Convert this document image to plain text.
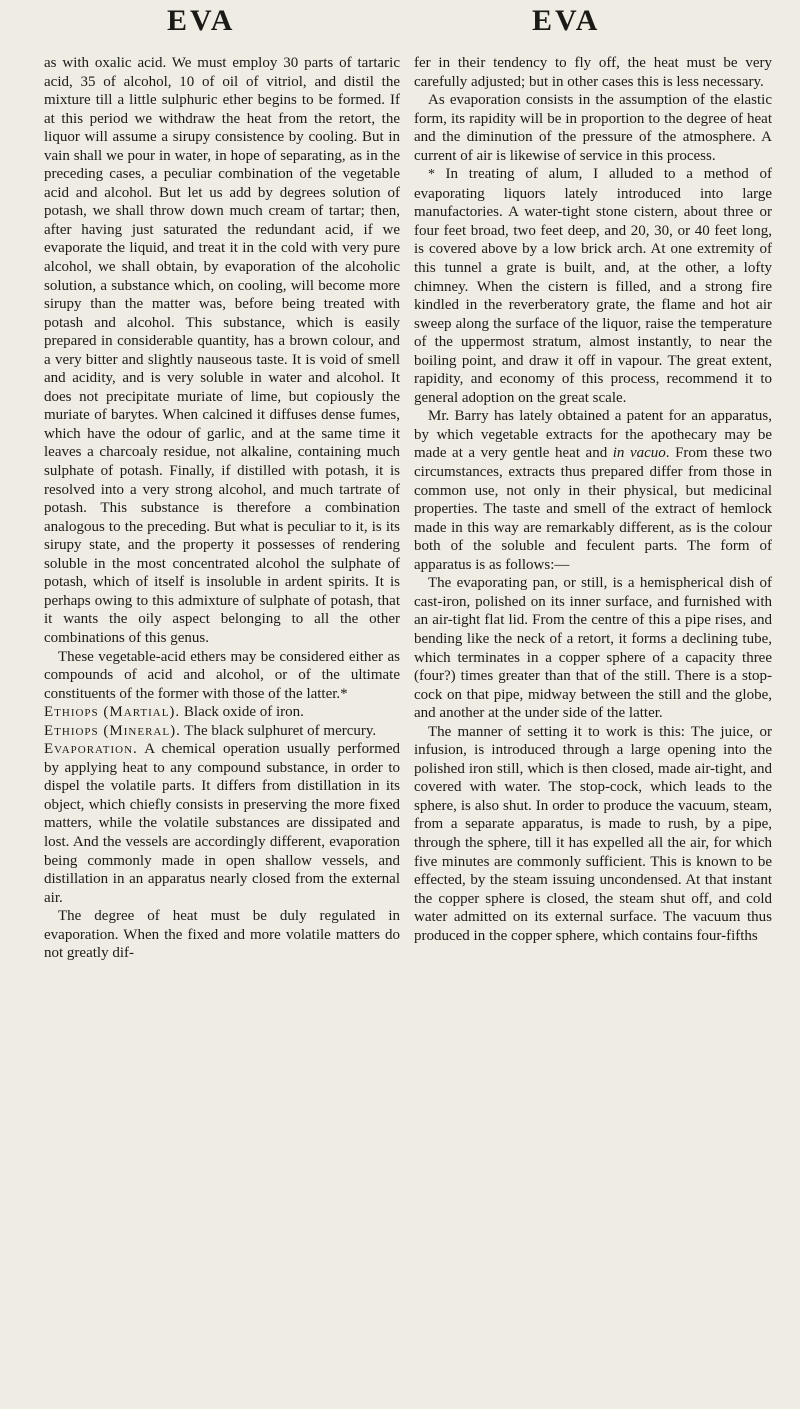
EVA	EVA

as with oxalic acid. We must employ 30 parts of tartaric acid, 35 of alcohol, 10 of oil of vitriol, and distil the mixture till a little sulphuric ether begins to be formed. If at this period we withdraw the heat from the retort, the liquor will assume a sirupy consistence by cooling. But in vain shall we pour in water, in hope of separating, as in the preceding cases, a peculiar combination of the vegetable acid and alcohol. But let us add by degrees solution of potash, we shall throw down much cream of tartar; then, after having just saturated the redundant acid, if we evaporate the liquid, and treat it in the cold with very pure alcohol, we shall obtain, by evaporation of the alcoholic solution, a substance which, on cooling, will become more sirupy than the matter was, before being treated with potash and alcohol. This substance, which is easily prepared in considerable quantity, has a brown colour, and a very bitter and slightly nauseous taste. It is void of smell and acidity, and is very soluble in water and alcohol. It does not precipitate muriate of lime, but copiously the muriate of barytes. When calcined it diffuses dense fumes, which have the odour of garlic, and at the same time it leaves a charcoaly residue, not alkaline, containing much sulphate of potash. Finally, if distilled with potash, it is resolved into a very strong alcohol, and much tartrate of potash. This substance is therefore a combination analogous to the preceding. But what is peculiar to it, is its sirupy state, and the property it possesses of rendering soluble in the most concentrated alcohol the sulphate of potash, which of itself is insoluble in ardent spirits. It is perhaps owing to this admixture of sulphate of potash, that it wants the oily aspect belonging to all the other combinations of this genus.

These vegetable-acid ethers may be considered either as compounds of acid and alcohol, or of the ultimate constituents of the former with those of the latter.*

Ethiops (Martial). Black oxide of iron.

Ethiops (Mineral). The black sulphuret of mercury.

Evaporation. A chemical operation usually performed by applying heat to any compound substance, in order to dispel the volatile parts. It differs from distillation in its object, which chiefly consists in preserving the more fixed matters, while the volatile substances are dissipated and lost. And the vessels are accordingly different, evaporation being commonly made in open shallow vessels, and distillation in an apparatus nearly closed from the external air.

The degree of heat must be duly regulated in evaporation. When the fixed and more volatile matters do not greatly dif-

fer in their tendency to fly off, the heat must be very carefully adjusted; but in other cases this is less necessary.

As evaporation consists in the assumption of the elastic form, its rapidity will be in proportion to the degree of heat and the diminution of the pressure of the atmosphere. A current of air is likewise of service in this process.

* In treating of alum, I alluded to a method of evaporating liquors lately introduced into large manufactories. A water-tight stone cistern, about three or four feet broad, two feet deep, and 20, 30, or 40 feet long, is covered above by a low brick arch. At one extremity of this tunnel a grate is built, and, at the other, a lofty chimney. When the cistern is filled, and a strong fire kindled in the reverberatory grate, the flame and hot air sweep along the surface of the liquor, raise the temperature of the uppermost stratum, almost instantly, to near the boiling point, and draw it off in vapour. The great extent, rapidity, and economy of this process, recommend it to general adoption on the great scale.

Mr. Barry has lately obtained a patent for an apparatus, by which vegetable extracts for the apothecary may be made at a very gentle heat and in vacuo. From these two circumstances, extracts thus prepared differ from those in common use, not only in their physical, but medicinal properties. The taste and smell of the extract of hemlock made in this way are remarkably different, as is the colour both of the soluble and feculent parts. The form of apparatus is as follows:—

The evaporating pan, or still, is a hemispherical dish of cast-iron, polished on its inner surface, and furnished with an air-tight flat lid. From the centre of this a pipe rises, and bending like the neck of a retort, it forms a declining tube, which terminates in a copper sphere of a capacity three (four?) times greater than that of the still. There is a stop-cock on that pipe, midway between the still and the globe, and another at the under side of the latter.

The manner of setting it to work is this: The juice, or infusion, is introduced through a large opening into the polished iron still, which is then closed, made air-tight, and covered with water. The stop-cock, which leads to the sphere, is also shut. In order to produce the vacuum, steam, from a separate apparatus, is made to rush, by a pipe, through the sphere, till it has expelled all the air, for which five minutes are commonly sufficient. This is known to be effected, by the steam issuing uncondensed. At that instant the copper sphere is closed, the steam shut off, and cold water admitted on its external surface. The vacuum thus produced in the copper sphere, which contains four-fifths
